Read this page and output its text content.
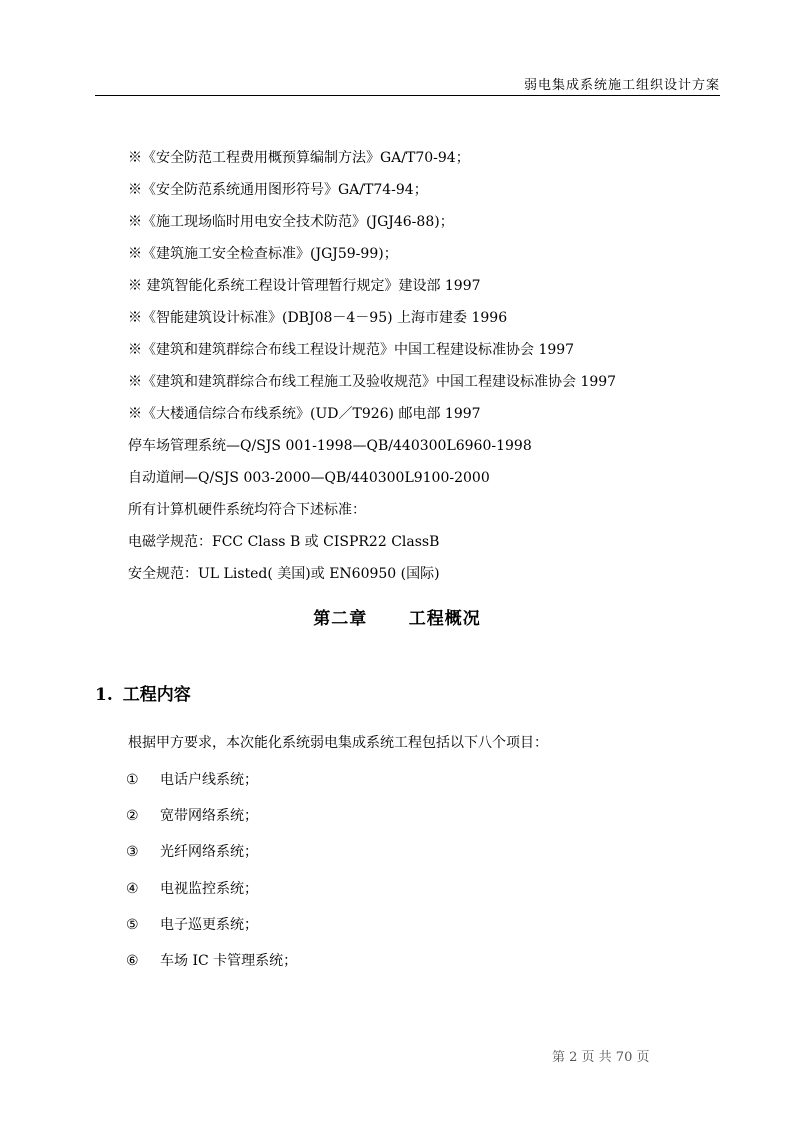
弱电集成系统施工组织设计方案
※《安全防范工程费用概预算编制方法》GA/T70-94；
※《安全防范系统通用图形符号》GA/T74-94；
※《施工现场临时用电安全技术防范》(JGJ46-88)；
※《建筑施工安全检查标准》(JGJ59-99)；
※ 建筑智能化系统工程设计管理暂行规定》建设部 1997
※《智能建筑设计标准》(DBJ08－4－95) 上海市建委 1996
※《建筑和建筑群综合布线工程设计规范》中国工程建设标准协会 1997
※《建筑和建筑群综合布线工程施工及验收规范》中国工程建设标准协会 1997
※《大楼通信综合布线系统》(UD／T926) 邮电部 1997
停车场管理系统—Q/SJS 001-1998—QB/440300L6960-1998
自动道闸—Q/SJS 003-2000—QB/440300L9100-2000
所有计算机硬件系统均符合下述标准：
电磁学规范：FCC Class B 或 CISPR22 ClassB
安全规范：UL Listed( 美国)或 EN60950 (国际)
第二章      工程概况
1. 工程内容
根据甲方要求，本次能化系统弱电集成系统工程包括以下八个项目：
① 电话户线系统；
② 宽带网络系统；
③ 光纤网络系统；
④ 电视监控系统；
⑤ 电子巡更系统；
⑥ 车场 IC 卡管理系统；
第 2 页 共 70 页
